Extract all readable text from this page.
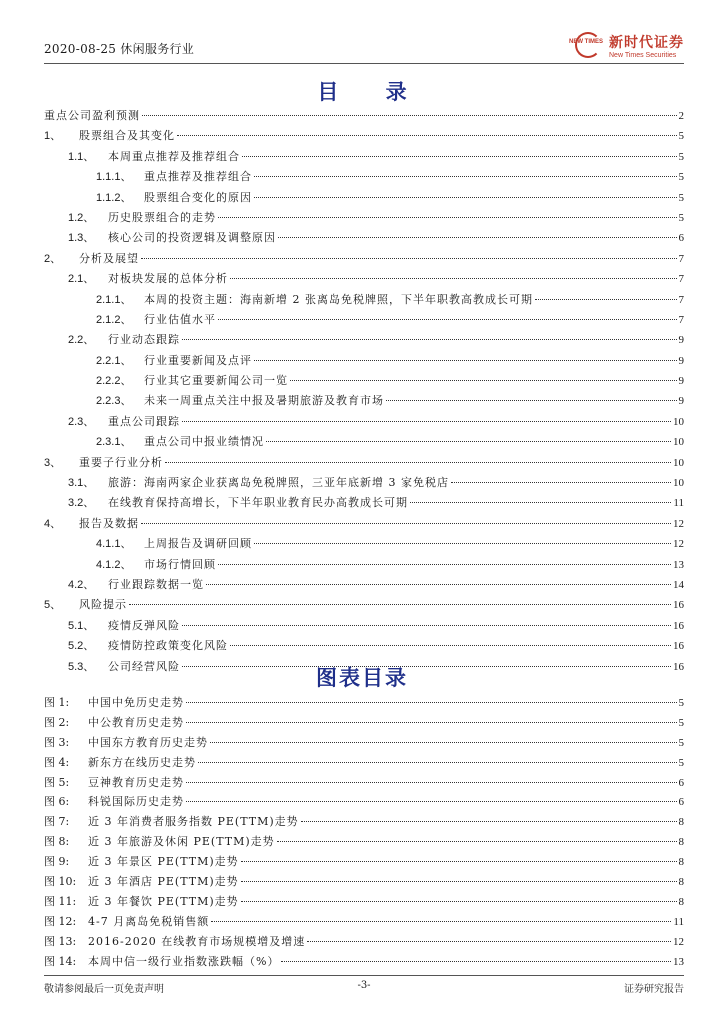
2020-08-25 休闲服务行业	NEW TIMES 新时代证券
New Times Securities
目 录
重点公司盈利预测	2
1、	股票组合及其变化	5
1.1、	本周重点推荐及推荐组合	5
1.1.1、	重点推荐及推荐组合	5
1.1.2、	股票组合变化的原因	5
1.2、	历史股票组合的走势	5
1.3、	核心公司的投资逻辑及调整原因	6
2、	分析及展望	7
2.1、	对板块发展的总体分析	7
2.1.1、	本周的投资主题：海南新增 2 张离岛免税牌照，下半年职教高教成长可期	7
2.1.2、	行业估值水平	7
2.2、	行业动态跟踪	9
2.2.1、	行业重要新闻及点评	9
2.2.2、	行业其它重要新闻公司一览	9
2.2.3、	未来一周重点关注中报及暑期旅游及教育市场	9
2.3、	重点公司跟踪	10
2.3.1、	重点公司中报业绩情况	10
3、	重要子行业分析	10
3.1、	旅游：海南两家企业获离岛免税牌照，三亚年底新增 3 家免税店	10
3.2、	在线教育保持高增长，下半年职业教育民办高教成长可期	11
4、	报告及数据	12
4.1.1、	上周报告及调研回顾	12
4.1.2、	市场行情回顾	13
4.2、	行业跟踪数据一览	14
5、	风险提示	16
5.1、	疫情反弹风险	16
5.2、	疫情防控政策变化风险	16
5.3、	公司经营风险	16
图表目录
图 1:	中国中免历史走势	5
图 2:	中公教育历史走势	5
图 3:	中国东方教育历史走势	5
图 4:	新东方在线历史走势	5
图 5:	豆神教育历史走势	6
图 6:	科锐国际历史走势	6
图 7:	近 3 年消费者服务指数 PE(TTM)走势	8
图 8:	近 3 年旅游及休闲 PE(TTM)走势	8
图 9:	近 3 年景区 PE(TTM)走势	8
图 10:	近 3 年酒店 PE(TTM)走势	8
图 11:	近 3 年餐饮 PE(TTM)走势	8
图 12:	4-7 月离岛免税销售额	11
图 13:	2016-2020 在线教育市场规模增及增速	12
图 14:	本周中信一级行业指数涨跌幅（%）	13
敬请参阅最后一页免责声明	-3-	证券研究报告
